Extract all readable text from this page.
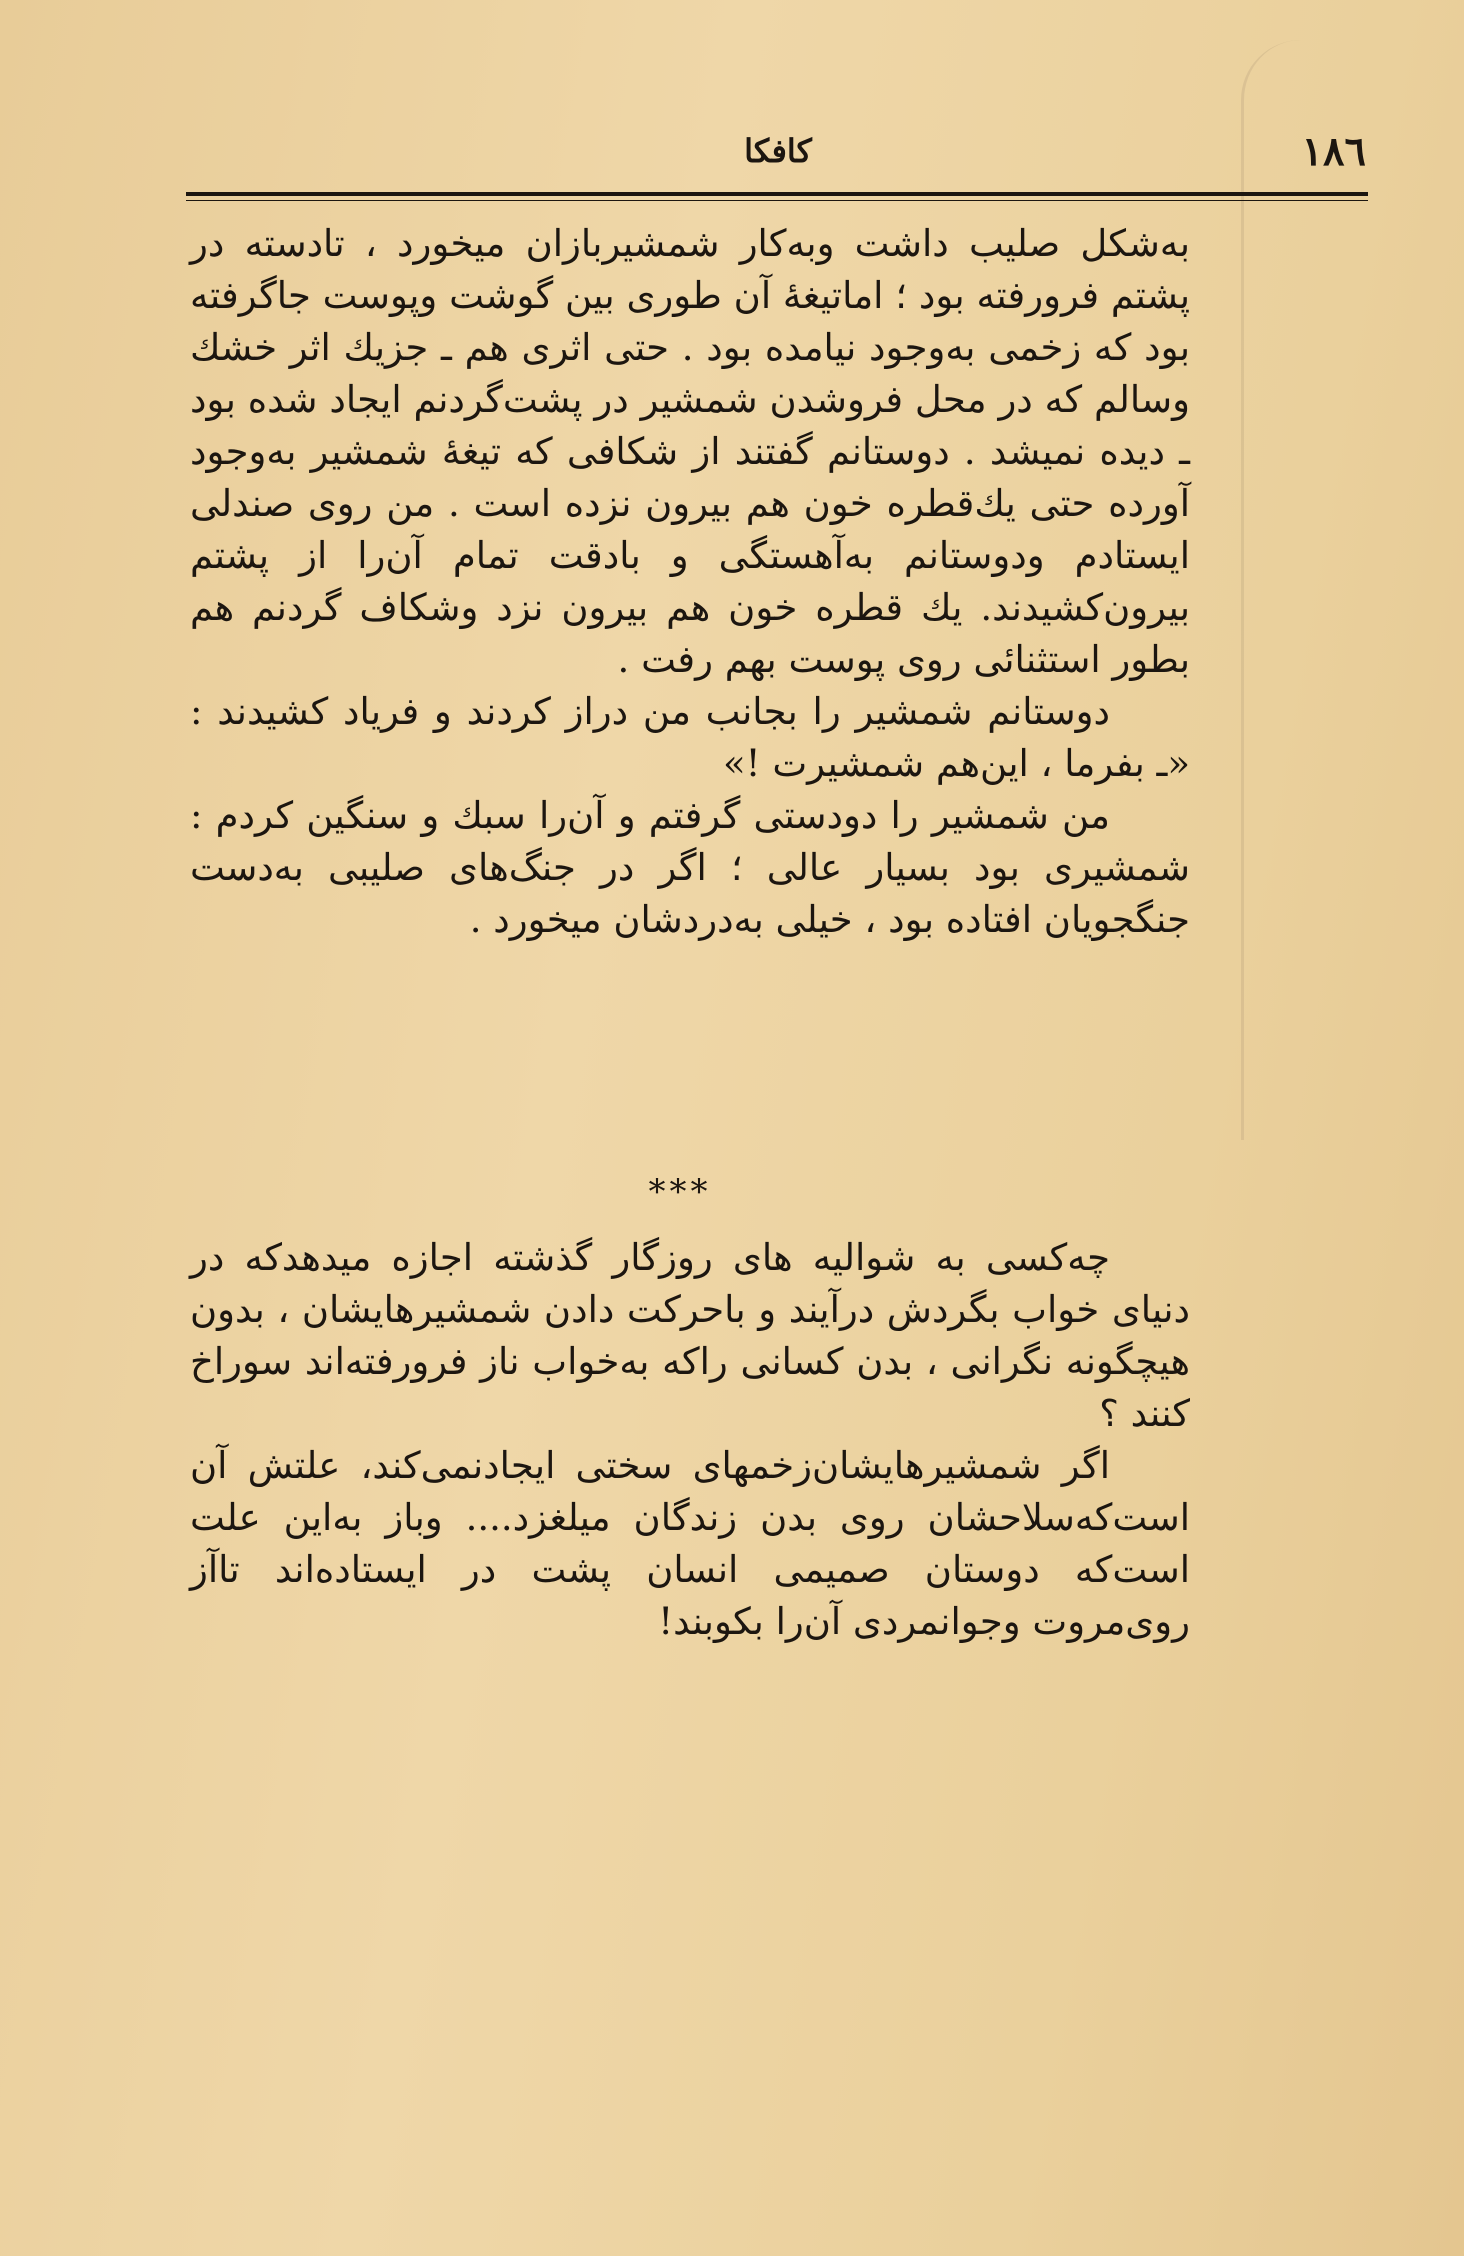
۱۸٦
کافکا

به‌شکل صلیب داشت وبه‌کار شمشیربازان میخورد ، تادسته در پشتم فرورفته بود ؛ اماتیغهٔ آن طوری بین گوشت وپوست جاگرفته بود که زخمی به‌وجود نیامده بود . حتی اثری هم ـ جزیك اثر خشك وسالم که در محل فروشدن شمشیر در پشت‌گردنم ایجاد شده بود ـ دیده نمیشد . دوستانم گفتند از شکافی که تیغهٔ شمشیر به‌وجود آورده حتی یك‌قطره خون هم بیرون نزده است . من روی صندلی ایستادم ودوستانم به‌آهستگی و بادقت تمام آن‌را از پشتم بیرون‌کشیدند. یك قطره خون هم بیرون نزد وشکاف گردنم هم بطور استثنائی روی پوست بهم رفت .

دوستانم شمشیر را بجانب من دراز کردند و فریاد کشیدند : «ـ بفرما ، این‌هم شمشیرت !»

من شمشیر را دودستی گرفتم و آن‌را سبك و سنگین کردم : شمشیری بود بسیار عالی ؛ اگر در جنگ‌های صلیبی به‌دست جنگجویان افتاده بود ، خیلی به‌دردشان میخورد .

***

چه‌کسی به شوالیه های روزگار گذشته اجازه میدهدکه در دنیای خواب بگردش درآیند و باحرکت دادن شمشیرهایشان ، بدون هیچگونه نگرانی ، بدن کسانی راکه به‌خواب ناز فرورفته‌اند سوراخ کنند ؟

اگر شمشیرهایشان‌زخمهای سختی ایجادنمی‌کند، علتش آن است‌که‌سلاحشان روی بدن زندگان میلغزد.... وباز به‌این علت است‌که دوستان صمیمی انسان پشت در ایستاده‌اند تاآز روی‌مروت وجوانمردی آن‌را بکوبند!
